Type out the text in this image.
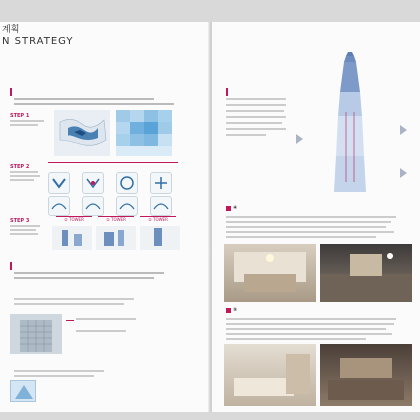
계획
N STRATEGY
STEP 1
STEP 2
STEP 3	② TOWER	② TOWER	② TOWER
④
⑤
